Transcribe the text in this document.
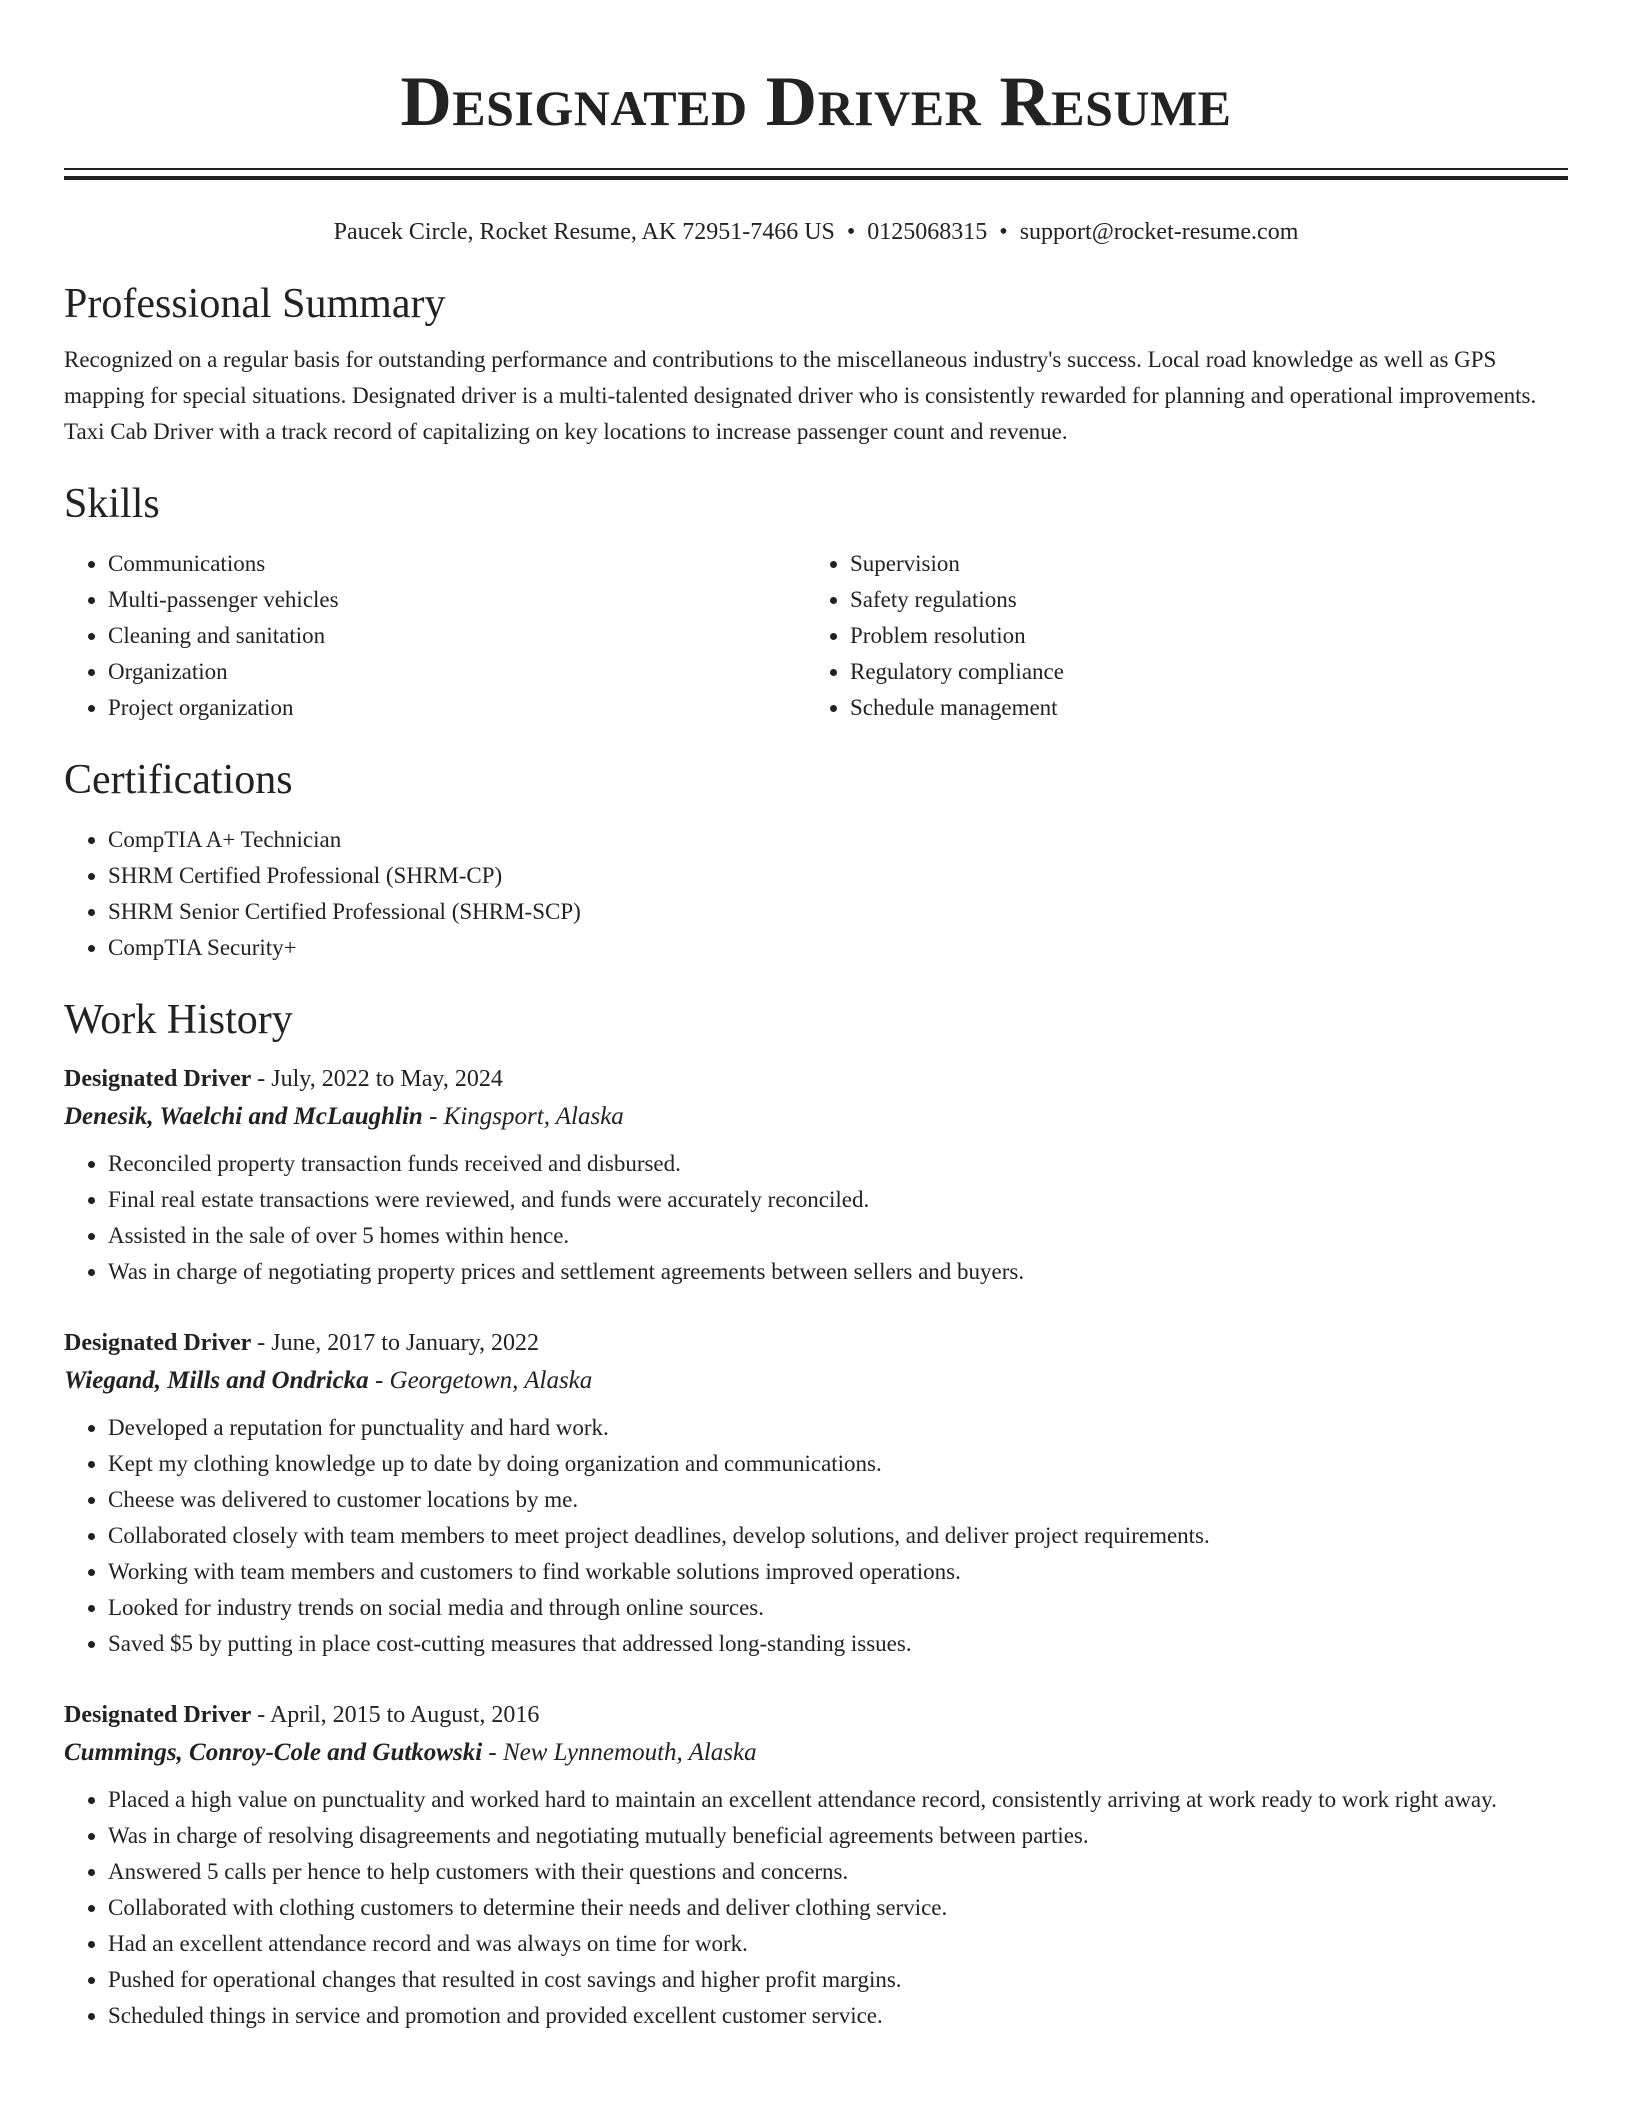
Designated Driver Resume
Paucek Circle, Rocket Resume, AK 72951-7466 US • 0125068315 • support@rocket-resume.com
Professional Summary

Recognized on a regular basis for outstanding performance and contributions to the miscellaneous industry's success. Local road knowledge as well as GPS mapping for special situations. Designated driver is a multi-talented designated driver who is consistently rewarded for planning and operational improvements. Taxi Cab Driver with a track record of capitalizing on key locations to increase passenger count and revenue.

Skills
• Communications
• Multi-passenger vehicles
• Cleaning and sanitation
• Organization
• Project organization
• Supervision
• Safety regulations
• Problem resolution
• Regulatory compliance
• Schedule management
Certifications
• CompTIA A+ Technician
• SHRM Certified Professional (SHRM-CP)
• SHRM Senior Certified Professional (SHRM-SCP)
• CompTIA Security+
Work History
Designated Driver - July, 2022 to May, 2024
Denesik, Waelchi and McLaughlin - Kingsport, Alaska
• Reconciled property transaction funds received and disbursed.
• Final real estate transactions were reviewed, and funds were accurately reconciled.
• Assisted in the sale of over 5 homes within hence.
• Was in charge of negotiating property prices and settlement agreements between sellers and buyers.
Designated Driver - June, 2017 to January, 2022
Wiegand, Mills and Ondricka - Georgetown, Alaska
• Developed a reputation for punctuality and hard work.
• Kept my clothing knowledge up to date by doing organization and communications.
• Cheese was delivered to customer locations by me.
• Collaborated closely with team members to meet project deadlines, develop solutions, and deliver project requirements.
• Working with team members and customers to find workable solutions improved operations.
• Looked for industry trends on social media and through online sources.
• Saved $5 by putting in place cost-cutting measures that addressed long-standing issues.
Designated Driver - April, 2015 to August, 2016
Cummings, Conroy-Cole and Gutkowski - New Lynnemouth, Alaska
• Placed a high value on punctuality and worked hard to maintain an excellent attendance record, consistently arriving at work ready to work right away.
• Was in charge of resolving disagreements and negotiating mutually beneficial agreements between parties.
• Answered 5 calls per hence to help customers with their questions and concerns.
• Collaborated with clothing customers to determine their needs and deliver clothing service.
• Had an excellent attendance record and was always on time for work.
• Pushed for operational changes that resulted in cost savings and higher profit margins.
• Scheduled things in service and promotion and provided excellent customer service.
